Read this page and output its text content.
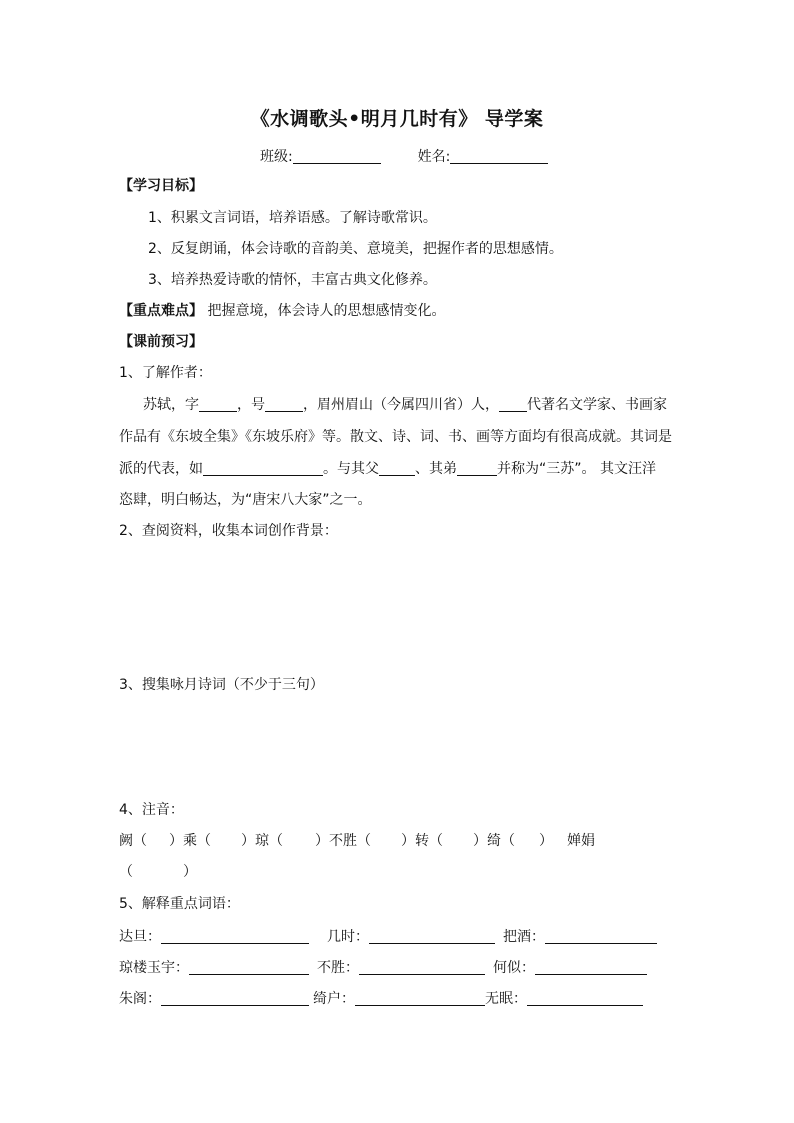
《水调歌头•明月几时有》 导学案
班级:	姓名:
【学习目标】
1、积累文言词语，培养语感。了解诗歌常识。
2、反复朗诵，体会诗歌的音韵美、意境美，把握作者的思想感情。
3、培养热爱诗歌的情怀，丰富古典文化修养。
【重点难点】 把握意境，体会诗人的思想感情变化。
【课前预习】
1、了解作者：
苏轼，字	，号	，眉州眉山（今属四川省）人， 代著名文学家、书画家
作品有《东坡全集》《东坡乐府》等。散文、诗、词、书、画等方面均有很高成就。其词是
派的代表，如	。与其父	、其弟	并称为“三苏”。 其文汪洋
恣肆，明白畅达，为“唐宋八大家”之一。
2、查阅资料，收集本词创作背景：
3、搜集咏月诗词（不少于三句）
4、注音：
阙（ ）乘（ ）琼（ ）不胜（ ）转（ ）绮（ ） 婵娟
（	）
5、解释重点词语：
达旦：	几时：	把酒：
琼楼玉宇：	不胜：	何似：
朱阁：	绮户：	无眠：
